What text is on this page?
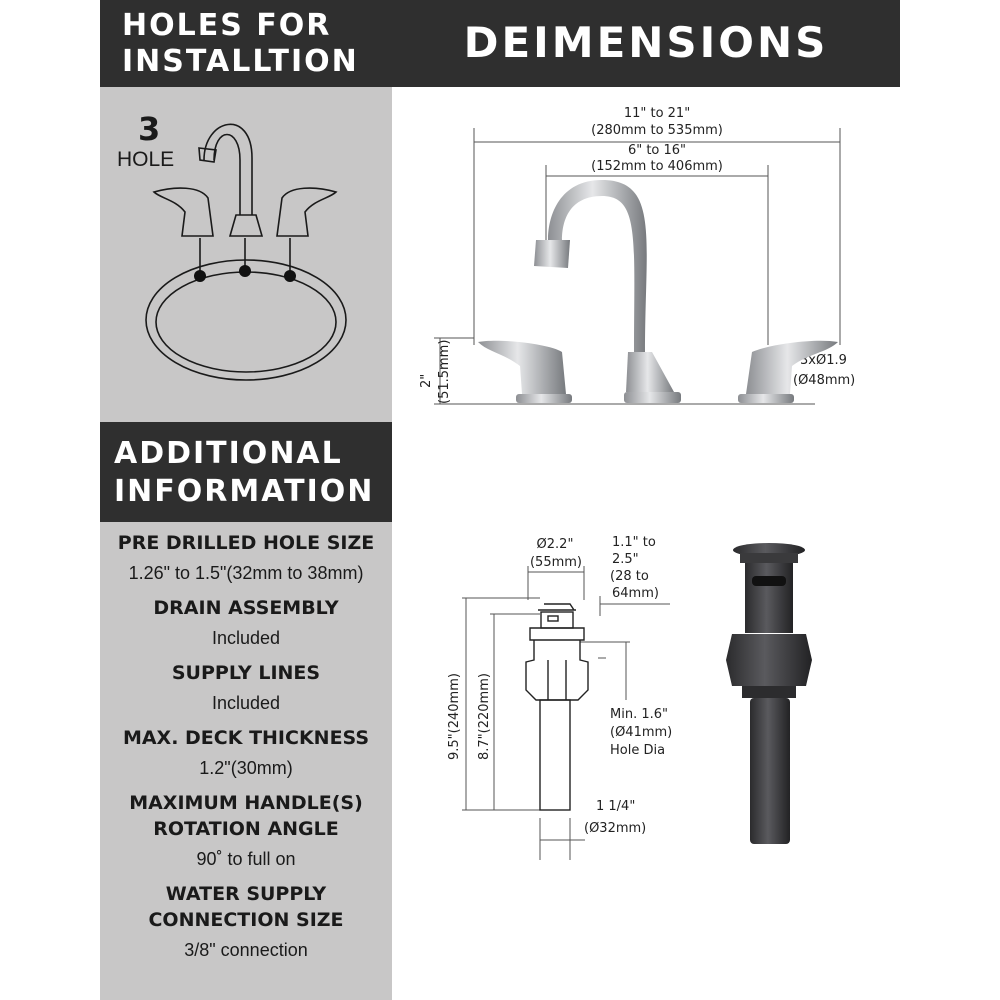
HOLES FOR
INSTALLTION	DEIMENSIONS
ADDITIONAL
INFORMATION
3
HOLE
11" to 21"
(280mm to 535mm)
6" to 16"
(152mm to 406mm)
2" (51.5mm)	3xØ1.9
(Ø48mm)
Ø2.2"
(55mm)
1.1" to
2.5"
(28 to
64mm)
9.5"(240mm) 8.7"(220mm)	Min. 1.6"
(Ø41mm)
Hole Dia
1 1/4"
(Ø32mm)
PRE DRILLED HOLE SIZE
1.26" to 1.5"(32mm to 38mm)
DRAIN ASSEMBLY
Included
SUPPLY LINES
Included
MAX. DECK THICKNESS
1.2"(30mm)
MAXIMUM HANDLE(S)
ROTATION ANGLE
90˚ to full on
WATER SUPPLY
CONNECTION SIZE
3/8" connection
